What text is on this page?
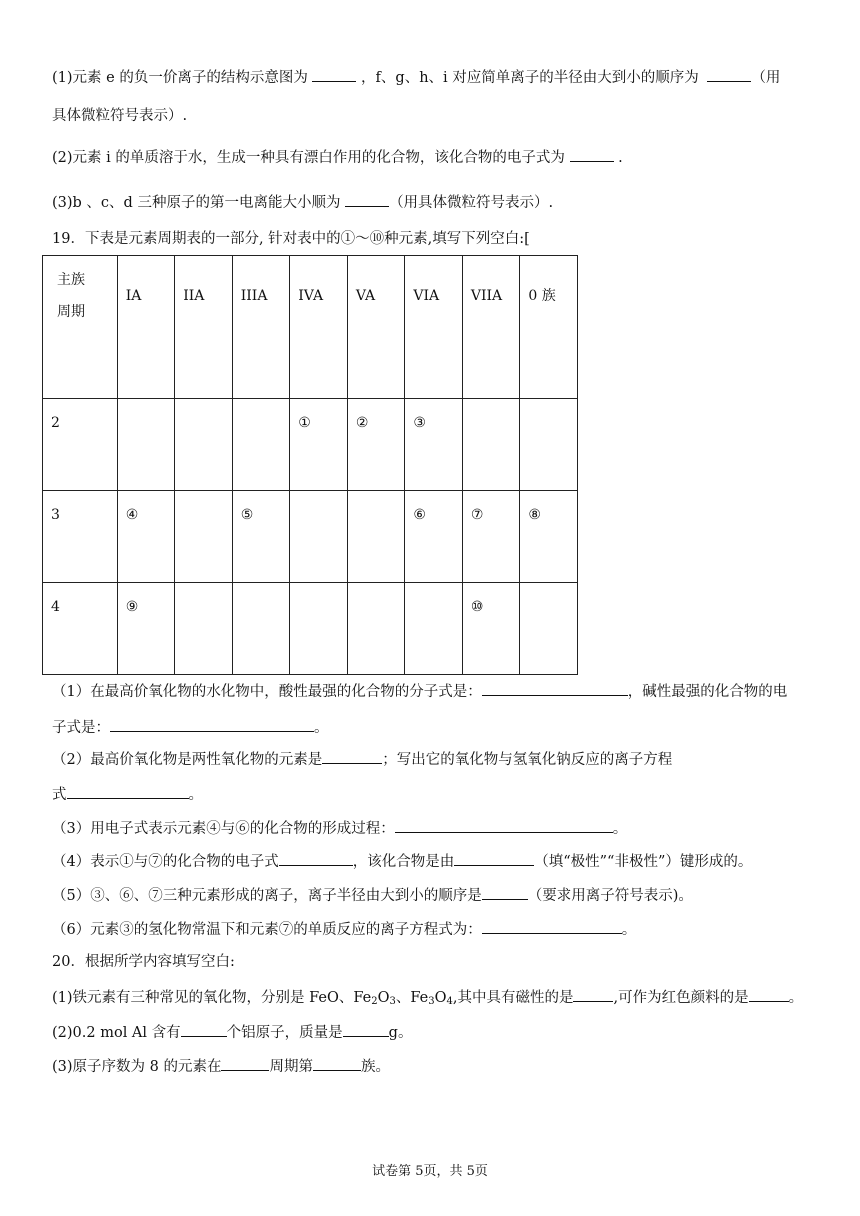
(1)元素 e 的负一价离子的结构示意图为	，f、g、h、i 对应简单离子的半径由大到小的顺序为	（用
具体微粒符号表示）.
(2)元素 i 的单质溶于水，生成一种具有漂白作用的化合物，该化合物的电子式为	.
(3)b 、c、d 三种原子的第一电离能大小顺为	（用具体微粒符号表示）.
19．下表是元素周期表的一部分, 针对表中的①～⑩种元素,填写下列空白:[
主族
周期	IA	IIA	IIIA	IVA	VA	VIA	VIIA	0 族
2				①	②	③		
3	④		⑤			⑥	⑦	⑧
4	⑨						⑩	
（1）在最高价氧化物的水化物中，酸性最强的化合物的分子式是：	，碱性最强的化合物的电
子式是：	。
（2）最高价氧化物是两性氧化物的元素是	；写出它的氧化物与氢氧化钠反应的离子方程
式	。
（3）用电子式表示元素④与⑥的化合物的形成过程：	。
（4）表示①与⑦的化合物的电子式	，该化合物是由	（填“极性”“非极性”）键形成的。
（5）③、⑥、⑦三种元素形成的离子，离子半径由大到小的顺序是	（要求用离子符号表示)。
（6）元素③的氢化物常温下和元素⑦的单质反应的离子方程式为：	。
20．根据所学内容填写空白:
(1)铁元素有三种常见的氧化物，分别是 FeO、$Fe_2O_3$、$Fe_3O_4$,其中具有磁性的是	,可作为红色颜料的是	。
(2)0.2 mol Al 含有	个铝原子，质量是	g。
(3)原子序数为 8 的元素在	周期第	族。
试卷第 5页，共 5页
